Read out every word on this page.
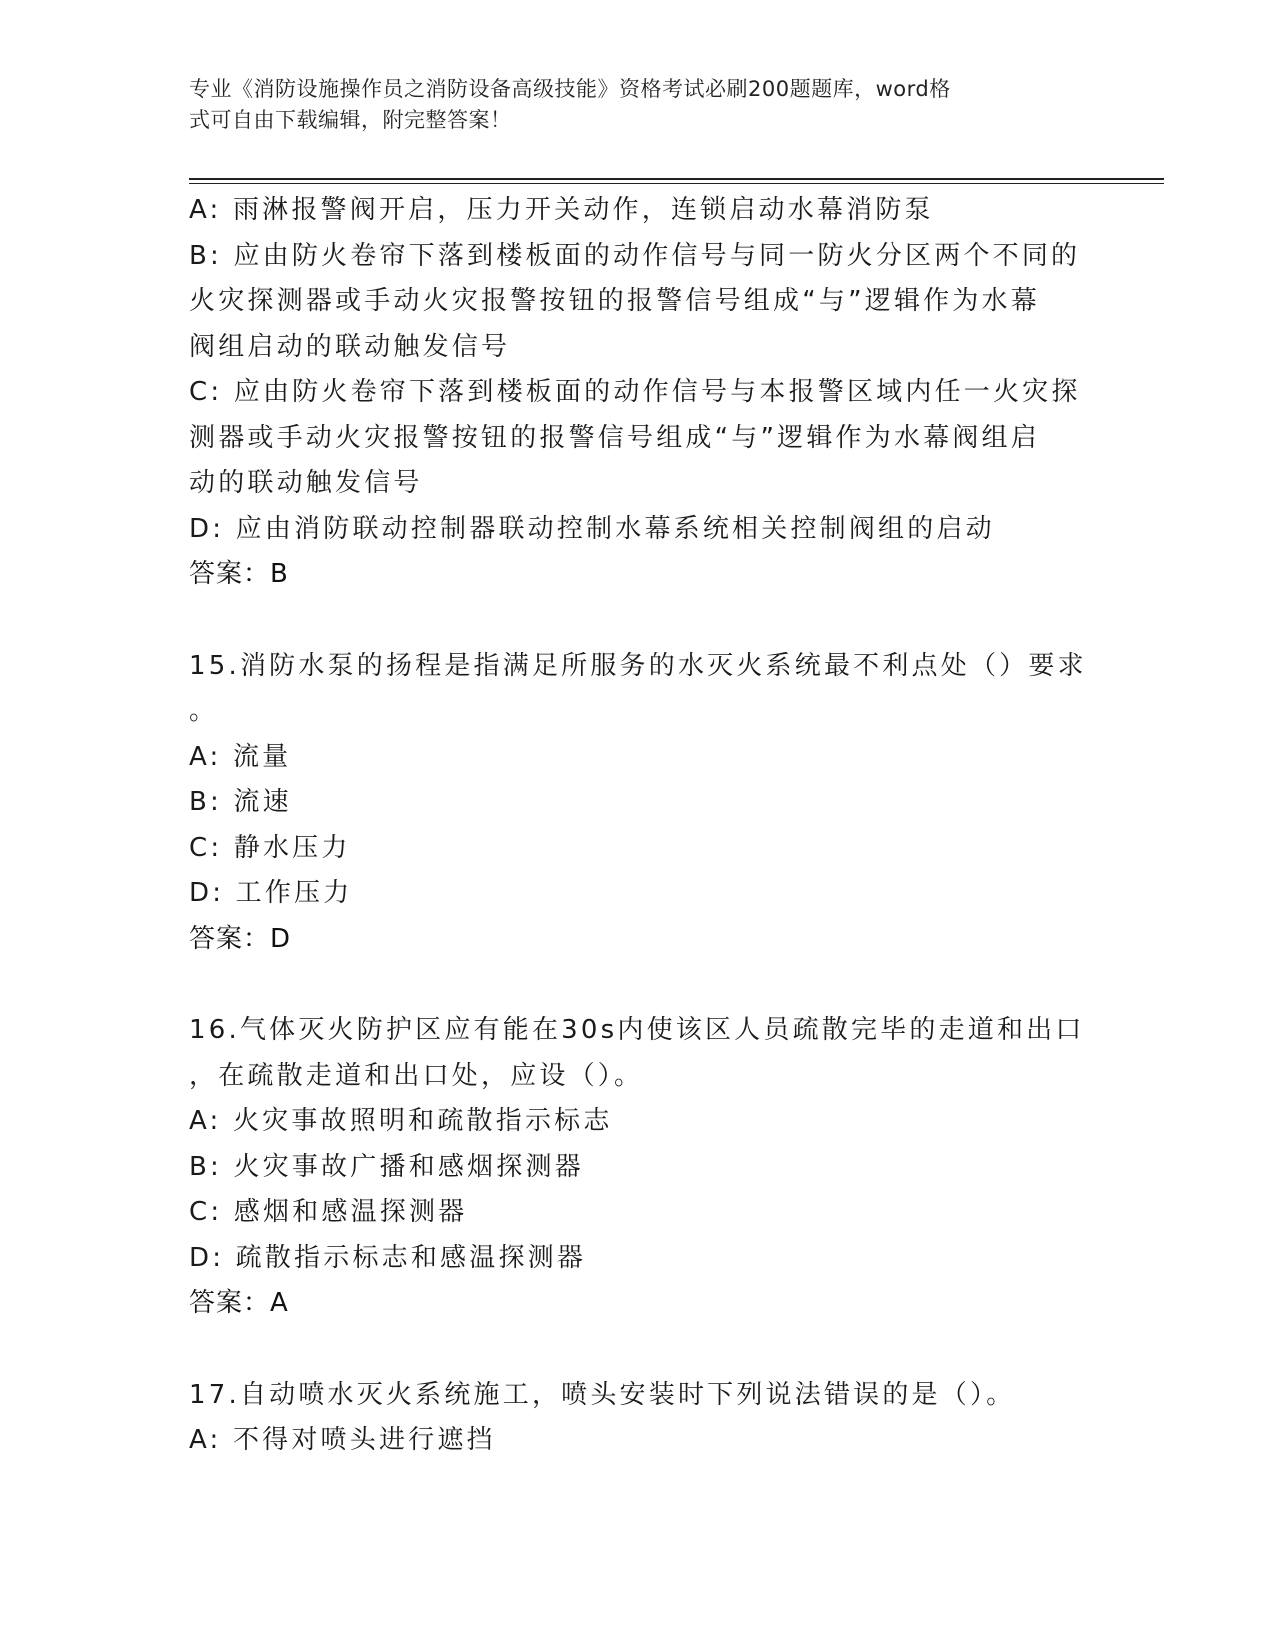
专业《消防设施操作员之消防设备高级技能》资格考试必刷200题题库，word格
式可自由下载编辑，附完整答案！
A: 雨淋报警阀开启，压力开关动作，连锁启动水幕消防泵
B: 应由防火卷帘下落到楼板面的动作信号与同一防火分区两个不同的
火灾探测器或手动火灾报警按钮的报警信号组成“与”逻辑作为水幕
阀组启动的联动触发信号
C: 应由防火卷帘下落到楼板面的动作信号与本报警区域内任一火灾探
测器或手动火灾报警按钮的报警信号组成“与”逻辑作为水幕阀组启
动的联动触发信号
D: 应由消防联动控制器联动控制水幕系统相关控制阀组的启动
答案：B
15.消防水泵的扬程是指满足所服务的水灭火系统最不利点处（）要求
。
A: 流量
B: 流速
C: 静水压力
D: 工作压力
答案：D
16.气体灭火防护区应有能在30s内使该区人员疏散完毕的走道和出口
，在疏散走道和出口处，应设（）。
A: 火灾事故照明和疏散指示标志
B: 火灾事故广播和感烟探测器
C: 感烟和感温探测器
D: 疏散指示标志和感温探测器
答案：A
17.自动喷水灭火系统施工，喷头安装时下列说法错误的是（）。
A: 不得对喷头进行遮挡
